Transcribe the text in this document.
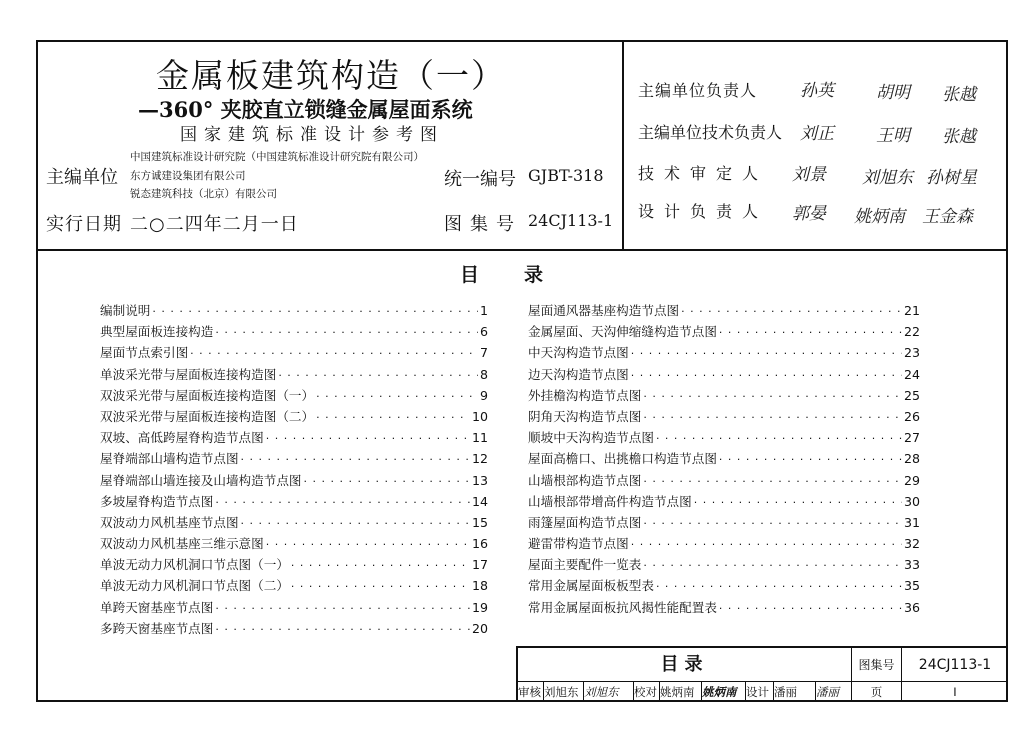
金属板建筑构造（一）
—360° 夹胶直立锁缝金属屋面系统
国家建筑标准设计参考图
主编单位
中国建筑标准设计研究院（中国建筑标准设计研究院有限公司）
东方诚建设集团有限公司
锐态建筑科技（北京）有限公司
统一编号 GJBT-318
实行日期 二○二四年二月一日	图集号 24CJ113-1
主编单位负责人	孙英 胡明 张越
主编单位技术负责人 刘正 王明 张越
技术审定人 刘景 刘旭东 孙树星
设计负责人 郭晏 姚炳南 王金森
目录
编制说明 · · ·	1
典型屋面板连接构造 · · ·	6
屋面节点索引图 · · ·	7
单波采光带与屋面板连接构造图 · · ·	8
双波采光带与屋面板连接构造图（一） · · ·	9
双波采光带与屋面板连接构造图（二） · · ·	10
双坡、高低跨屋脊构造节点图 · · ·	11
屋脊端部山墙构造节点图 · · ·	12
屋脊端部山墙连接及山墙构造节点图 · · ·	13
多坡屋脊构造节点图 · · ·	14
双波动力风机基座节点图 · · ·	15
双波动力风机基座三维示意图 · · ·	16
单波无动力风机洞口节点图（一） · · ·	17
单波无动力风机洞口节点图（二） · · ·	18
单跨天窗基座节点图 · · ·	19
多跨天窗基座节点图 · · ·	20
屋面通风器基座构造节点图 · · ·	21
金属屋面、天沟伸缩缝构造节点图 · · ·	22
中天沟构造节点图 · · ·	23
边天沟构造节点图 · · ·	24
外挂檐沟构造节点图 · · ·	25
阴角天沟构造节点图 · · ·	26
顺坡中天沟构造节点图 · · ·	27
屋面高檐口、出挑檐口构造节点图 · · ·	28
山墙根部构造节点图 · · ·	29
山墙根部带增高件构造节点图 · · ·	30
雨篷屋面构造节点图 · · ·	31
避雷带构造节点图 · · ·	32
屋面主要配件一览表 · · ·	33
常用金属屋面板板型表 · · ·	35
常用金属屋面板抗风揭性能配置表 · · ·	36
目录	图集号	24CJ113-1
审核 刘旭东 刘旭东	校对 姚炳南 姚炳南 设计 潘丽	潘丽	页	I
